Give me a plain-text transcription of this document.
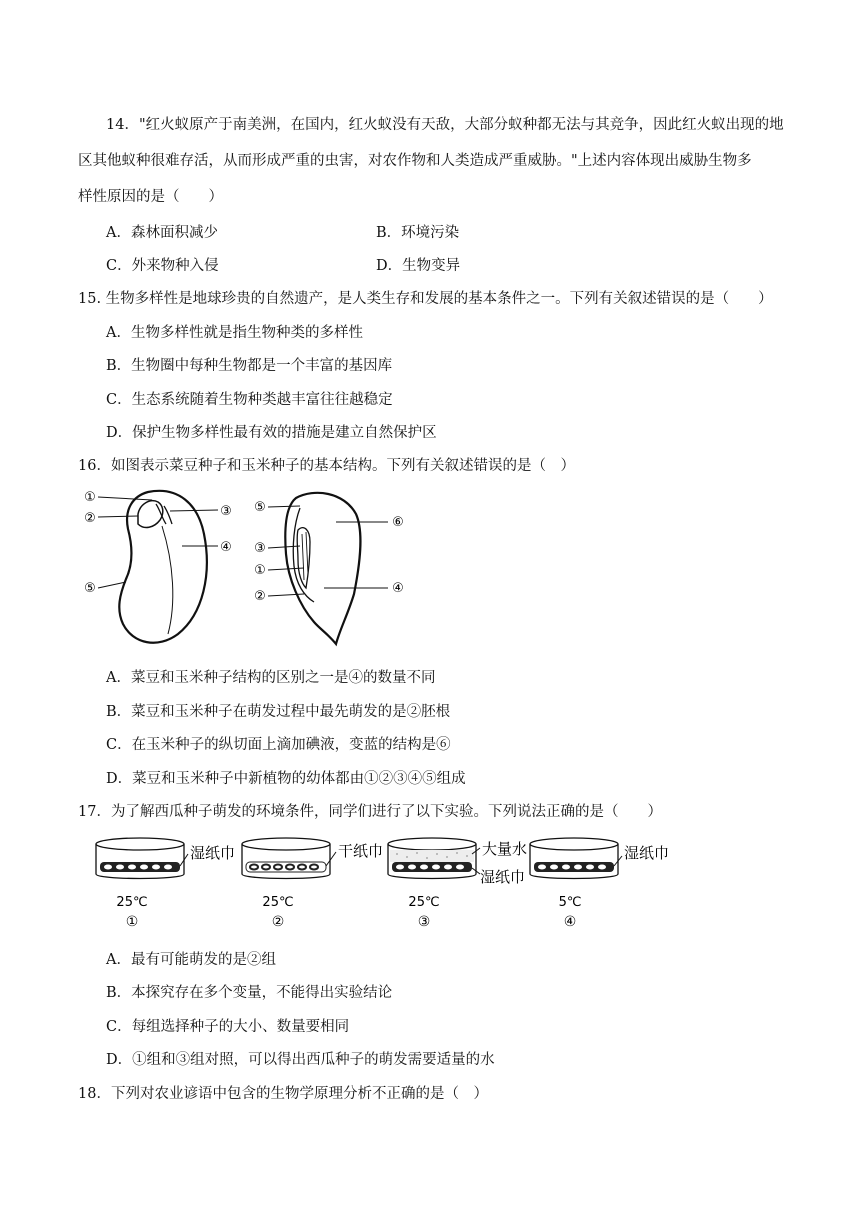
14．"红火蚁原产于南美洲，在国内，红火蚁没有天敌，大部分蚁种都无法与其竞争，因此红火蚁出现的地
区其他蚁种很难存活，从而形成严重的虫害，对农作物和人类造成严重威胁。"上述内容体现出威胁生物多
样性原因的是（　　）
A．森林面积减少	B．环境污染
C．外来物种入侵	D．生物变异
15. 生物多样性是地球珍贵的自然遗产，是人类生存和发展的基本条件之一。下列有关叙述错误的是（　　）
A．生物多样性就是指生物种类的多样性
B．生物圈中每种生物都是一个丰富的基因库
C．生态系统随着生物种类越丰富往往越稳定
D．保护生物多样性最有效的措施是建立自然保护区
16．如图表示菜豆种子和玉米种子的基本结构。下列有关叙述错误的是（　）
①
②	③
④
⑤
⑤
⑥
③
①
②
④
A．菜豆和玉米种子结构的区别之一是④的数量不同
B．菜豆和玉米种子在萌发过程中最先萌发的是②胚根
C．在玉米种子的纵切面上滴加碘液，变蓝的结构是⑥
D．菜豆和玉米种子中新植物的幼体都由①②③④⑤组成
17．为了解西瓜种子萌发的环境条件，同学们进行了以下实验。下列说法正确的是（　　）
湿纸巾
25℃
①
干纸巾
25℃
②
大量水
湿纸巾
25℃
③
湿纸巾
5℃
④
A．最有可能萌发的是②组
B．本探究存在多个变量，不能得出实验结论
C．每组选择种子的大小、数量要相同
D．①组和③组对照，可以得出西瓜种子的萌发需要适量的水
18．下列对农业谚语中包含的生物学原理分析不正确的是（　）
